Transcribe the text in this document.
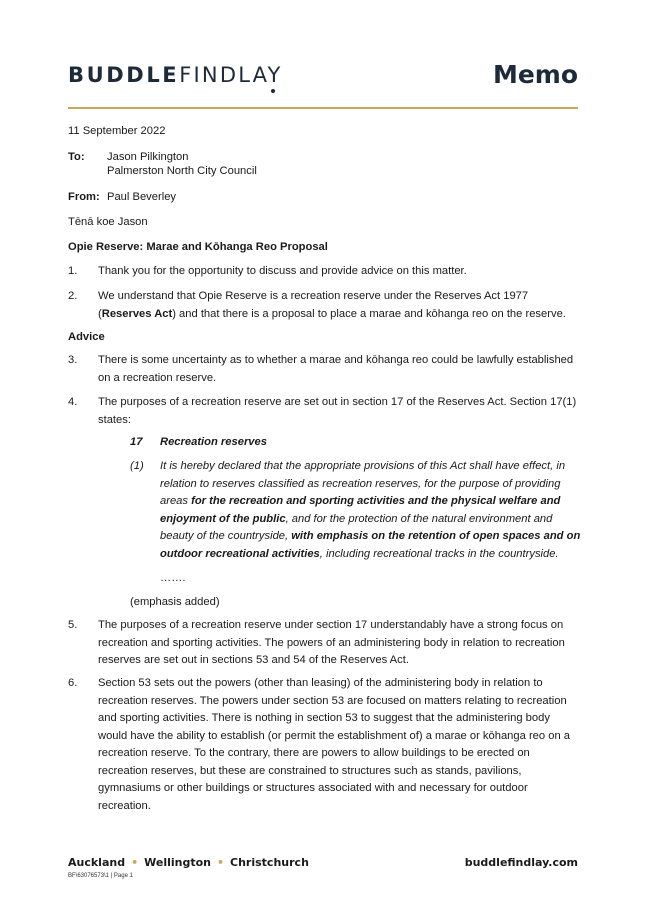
BUDDLEFINDLAY	Memo
11 September 2022
To: Jason Pilkington
Palmerston North City Council
From: Paul Beverley
Tēnā koe Jason
Opie Reserve: Marae and Kōhanga Reo Proposal
1. Thank you for the opportunity to discuss and provide advice on this matter.
2. We understand that Opie Reserve is a recreation reserve under the Reserves Act 1977 (Reserves Act) and that there is a proposal to place a marae and kōhanga reo on the reserve.
Advice
3. There is some uncertainty as to whether a marae and kōhanga reo could be lawfully established on a recreation reserve.
4. The purposes of a recreation reserve are set out in section 17 of the Reserves Act. Section 17(1) states:
17 Recreation reserves
(1) It is hereby declared that the appropriate provisions of this Act shall have effect, in relation to reserves classified as recreation reserves, for the purpose of providing areas for the recreation and sporting activities and the physical welfare and enjoyment of the public, and for the protection of the natural environment and beauty of the countryside, with emphasis on the retention of open spaces and on outdoor recreational activities, including recreational tracks in the countryside.
…….
(emphasis added)
5. The purposes of a recreation reserve under section 17 understandably have a strong focus on recreation and sporting activities. The powers of an administering body in relation to recreation reserves are set out in sections 53 and 54 of the Reserves Act.
6. Section 53 sets out the powers (other than leasing) of the administering body in relation to recreation reserves. The powers under section 53 are focused on matters relating to recreation and sporting activities. There is nothing in section 53 to suggest that the administering body would have the ability to establish (or permit the establishment of) a marae or kōhanga reo on a recreation reserve. To the contrary, there are powers to allow buildings to be erected on recreation reserves, but these are constrained to structures such as stands, pavilions, gymnasiums or other buildings or structures associated with and necessary for outdoor recreation.
Auckland • Wellington • Christchurch
BF\63076573\1 | Page 1
buddlefindlay.com
